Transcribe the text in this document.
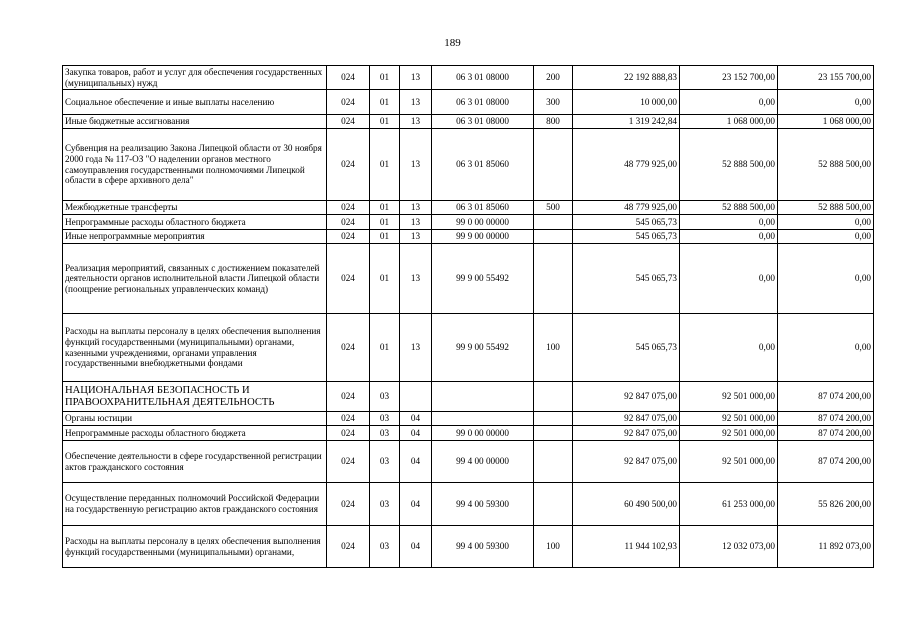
189
Закупка товаров, работ и услуг для обеспечения государственных (муниципальных) нужд	024	01	13	06 3 01 08000	200	22 192 888,83	23 152 700,00	23 155 700,00
Социальное обеспечение и иные выплаты населению	024	01	13	06 3 01 08000	300	10 000,00	0,00	0,00
Иные бюджетные ассигнования	024	01	13	06 3 01 08000	800	1 319 242,84	1 068 000,00	1 068 000,00
Субвенция на реализацию Закона Липецкой области от 30 ноября 2000 года № 117-ОЗ "О наделении органов местного самоуправления государственными полномочиями Липецкой области в сфере архивного дела"	024	01	13	06 3 01 85060		48 779 925,00	52 888 500,00	52 888 500,00
Межбюджетные трансферты	024	01	13	06 3 01 85060	500	48 779 925,00	52 888 500,00	52 888 500,00
Непрограммные расходы областного бюджета	024	01	13	99 0 00 00000		545 065,73	0,00	0,00
Иные непрограммные мероприятия	024	01	13	99 9 00 00000		545 065,73	0,00	0,00
Реализация мероприятий, связанных с достижением показателей деятельности органов исполнительной власти Липецкой области (поощрение региональных управленческих команд)	024	01	13	99 9 00 55492		545 065,73	0,00	0,00
Расходы на выплаты персоналу в целях обеспечения выполнения функций государственными (муниципальными) органами, казенными учреждениями, органами управления государственными внебюджетными фондами	024	01	13	99 9 00 55492	100	545 065,73	0,00	0,00
НАЦИОНАЛЬНАЯ БЕЗОПАСНОСТЬ И ПРАВООХРАНИТЕЛЬНАЯ ДЕЯТЕЛЬНОСТЬ	024	03				92 847 075,00	92 501 000,00	87 074 200,00
Органы юстиции	024	03	04			92 847 075,00	92 501 000,00	87 074 200,00
Непрограммные расходы областного бюджета	024	03	04	99 0 00 00000		92 847 075,00	92 501 000,00	87 074 200,00
Обеспечение деятельности в сфере государственной регистрации актов гражданского состояния	024	03	04	99 4 00 00000		92 847 075,00	92 501 000,00	87 074 200,00
Осуществление переданных полномочий Российской Федерации на государственную регистрацию актов гражданского состояния	024	03	04	99 4 00 59300		60 490 500,00	61 253 000,00	55 826 200,00
Расходы на выплаты персоналу в целях обеспечения выполнения функций государственными (муниципальными) органами,	024	03	04	99 4 00 59300	100	11 944 102,93	12 032 073,00	11 892 073,00
